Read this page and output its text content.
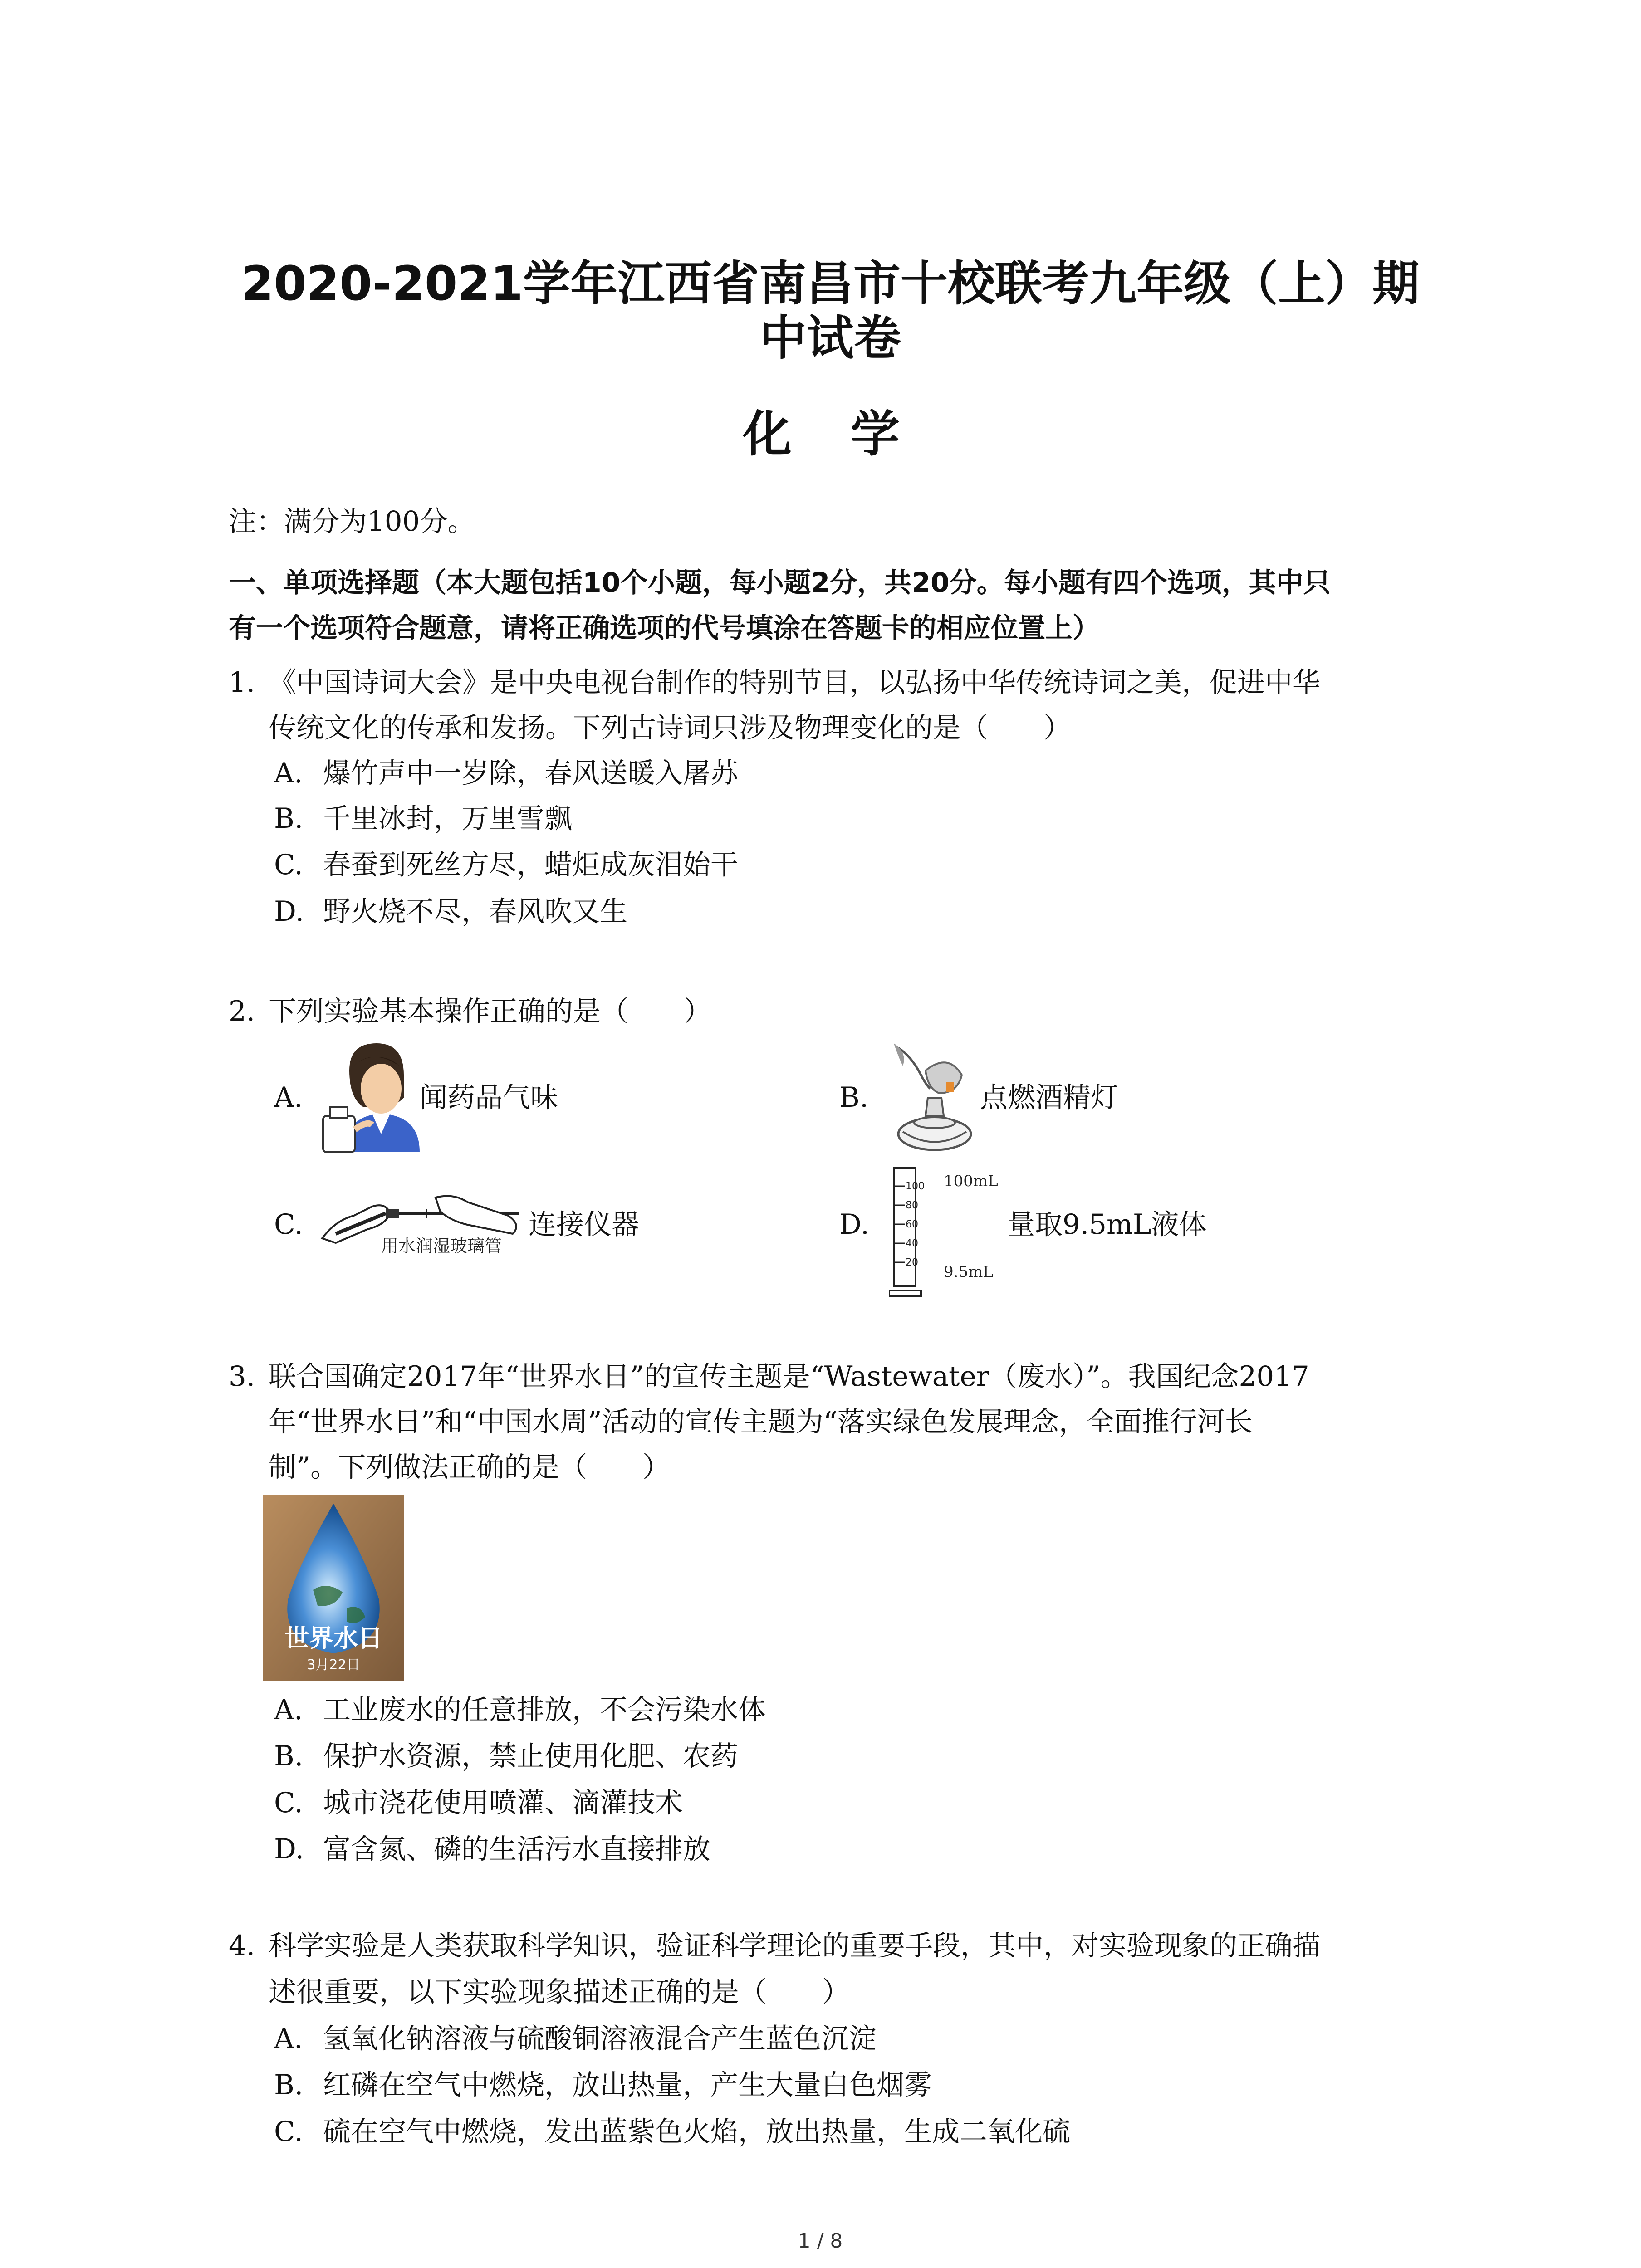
2020-2021学年江西省南昌市十校联考九年级（上）期
中试卷
化学
注：满分为100分。
一、单项选择题（本大题包括10个小题，每小题2分，共20分。每小题有四个选项，其中只
有一个选项符合题意，请将正确选项的代号填涂在答题卡的相应位置上）
1. 《中国诗词大会》是中央电视台制作的特别节目，以弘扬中华传统诗词之美，促进中华
传统文化的传承和发扬。下列古诗词只涉及物理变化的是（　　）
A. 爆竹声中一岁除，春风送暖入屠苏
B. 千里冰封，万里雪飘
C. 春蚕到死丝方尽，蜡炬成灰泪始干
D. 野火烧不尽，春风吹又生
2. 下列实验基本操作正确的是（　　）
A.	闻药品气味	B.	点燃酒精灯
C.
用水润湿玻璃管
连接仪器	D.
100
80
60
40
20
100mL
9.5mL
量取9.5mL液体
3. 联合国确定2017年“世界水日”的宣传主题是“Wastewater（废水）”。我国纪念2017
年“世界水日”和“中国水周”活动的宣传主题为“落实绿色发展理念，全面推行河长
制”。下列做法正确的是（　　）
世界水日
3月22日
A. 工业废水的任意排放，不会污染水体
B. 保护水资源，禁止使用化肥、农药
C. 城市浇花使用喷灌、滴灌技术
D. 富含氮、磷的生活污水直接排放
4. 科学实验是人类获取科学知识，验证科学理论的重要手段，其中，对实验现象的正确描
述很重要，以下实验现象描述正确的是（　　）
A. 氢氧化钠溶液与硫酸铜溶液混合产生蓝色沉淀
B. 红磷在空气中燃烧，放出热量，产生大量白色烟雾
C. 硫在空气中燃烧，发出蓝紫色火焰，放出热量，生成二氧化硫
1 / 8
